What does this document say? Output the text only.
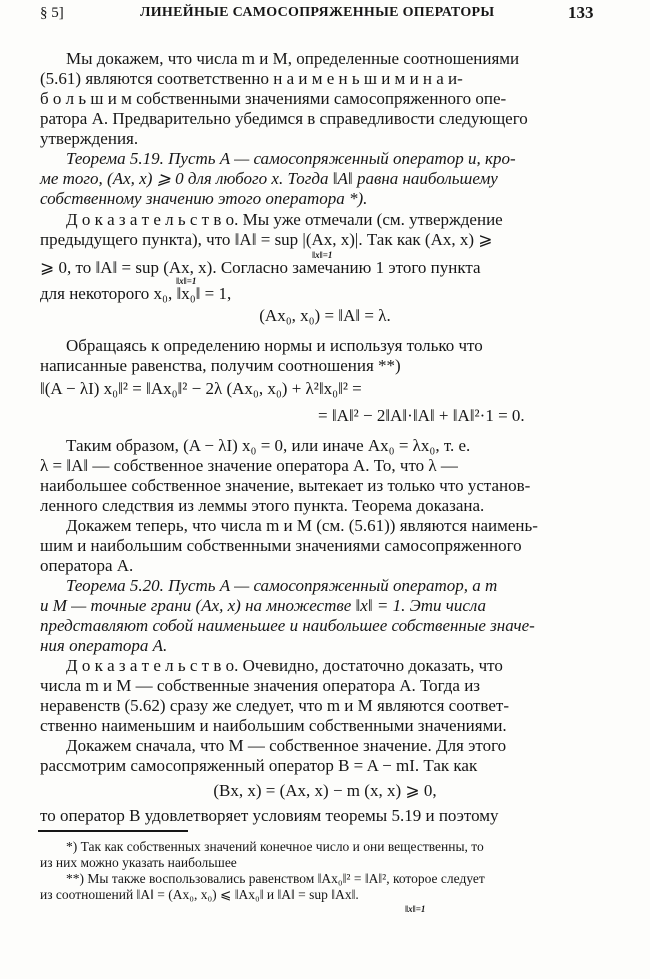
§ 5]	ЛИНЕЙНЫЕ САМОСОПРЯЖЕННЫЕ ОПЕРАТОРЫ	133
Мы докажем, что числа m и M, определенные соотношениями
(5.61) являются соответственно н а и м е н ь ш и м и н а и-
б о л ь ш и м собственными значениями самосопряженного опе-
ратора A. Предварительно убедимся в справедливости следующего
утверждения.
Теорема 5.19. Пусть A — самосопряженный оператор и, кро-
ме того, (Ax, x) ⩾ 0 для любого x. Тогда ‖A‖ равна наибольшему
собственному значению этого оператора *).
Д о к а з а т е л ь с т в о. Мы уже отмечали (см. утверждение
предыдущего пункта), что ‖A‖ = sup |(Ax, x)|. Так как (Ax, x) ⩾
‖x‖=1
⩾ 0, то ‖A‖ = sup (Ax, x). Согласно замечанию 1 этого пункта
‖x‖=1
для некоторого x₀, ‖x₀‖ = 1,
(Ax₀, x₀) = ‖A‖ = λ.
Обращаясь к определению нормы и используя только что
написанные равенства, получим соотношения **)
‖(A − λI) x₀‖² = ‖Ax₀‖² − 2λ (Ax₀, x₀) + λ²‖x₀‖² =
= ‖A‖² − 2‖A‖·‖A‖ + ‖A‖²·1 = 0.
Таким образом, (A − λI) x₀ = 0, или иначе Ax₀ = λx₀, т. е.
λ = ‖A‖ — собственное значение оператора A. То, что λ —
наибольшее собственное значение, вытекает из только что установ-
ленного следствия из леммы этого пункта. Теорема доказана.
Докажем теперь, что числа m и M (см. (5.61)) являются наимень-
шим и наибольшим собственными значениями самосопряженного
оператора A.
Теорема 5.20. Пусть A — самосопряженный оператор, а m
и M — точные грани (Ax, x) на множестве ‖x‖ = 1. Эти числа
представляют собой наименьшее и наибольшее собственные значе-
ния оператора A.
Д о к а з а т е л ь с т в о. Очевидно, достаточно доказать, что
числа m и M — собственные значения оператора A. Тогда из
неравенств (5.62) сразу же следует, что m и M являются соответ-
ственно наименьшим и наибольшим собственными значениями.
Докажем сначала, что M — собственное значение. Для этого
рассмотрим самосопряженный оператор B = A − mI. Так как
(Bx, x) = (Ax, x) − m (x, x) ⩾ 0,
то оператор B удовлетворяет условиям теоремы 5.19 и поэтому
*) Так как собственных значений конечное число и они вещественны, то
из них можно указать наибольшее
**) Мы также воспользовались равенством ‖Ax₀‖² = ‖A‖², которое следует
из соотношений ‖A‖ = (Ax₀, x₀) ⩽ ‖Ax₀‖ и ‖A‖ = sup ‖Ax‖.
‖x‖=1
